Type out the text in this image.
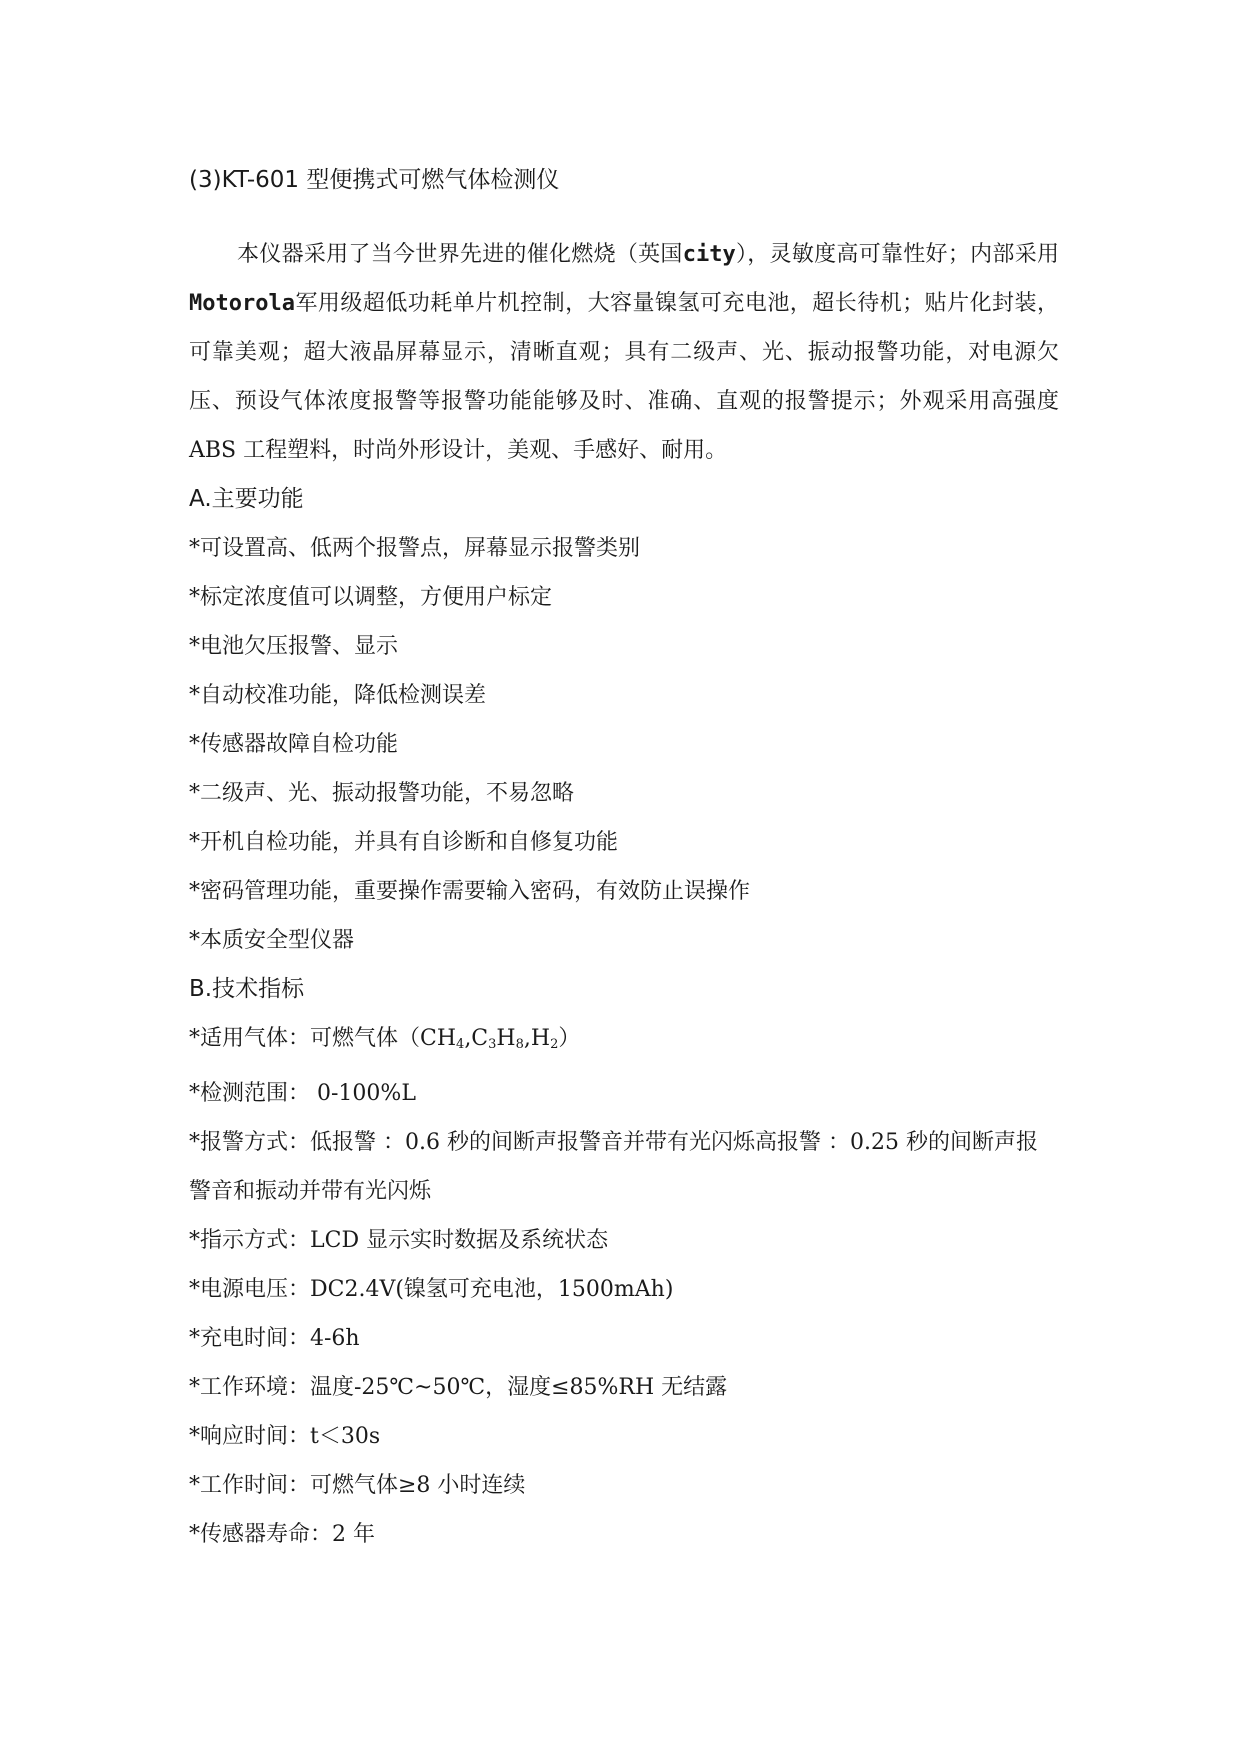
(3)KT-601 型便携式可燃气体检测仪

本仪器采用了当今世界先进的催化燃烧（英国city），灵敏度高可靠性好；内部采用Motorola军用级超低功耗单片机控制，大容量镍氢可充电池，超长待机；贴片化封装，可靠美观；超大液晶屏幕显示，清晰直观；具有二级声、光、振动报警功能，对电源欠压、预设气体浓度报警等报警功能能够及时、准确、直观的报警提示；外观采用高强度 ABS 工程塑料，时尚外形设计，美观、手感好、耐用。

A.主要功能

*可设置高、低两个报警点，屏幕显示报警类别

*标定浓度值可以调整，方便用户标定

*电池欠压报警、显示

*自动校准功能，降低检测误差

*传感器故障自检功能

*二级声、光、振动报警功能，不易忽略

*开机自检功能，并具有自诊断和自修复功能

*密码管理功能，重要操作需要输入密码，有效防止误操作

*本质安全型仪器

B.技术指标

*适用气体：可燃气体$(CH_4,C_3H_8,H_2)$

*检测范围： 0-100%L

*报警方式：低报警 ：0.6 秒的间断声报警音并带有光闪烁高报警 ：0.25 秒的间断声报警音和振动并带有光闪烁

*指示方式：LCD 显示实时数据及系统状态

*电源电压：DC2.4V(镍氢可充电池，1500mAh)

*充电时间：4-6h

*工作环境：温度-25℃~50℃，湿度≤85%RH 无结露

*响应时间：t＜30s

*工作时间：可燃气体≥8 小时连续

*传感器寿命：2 年
